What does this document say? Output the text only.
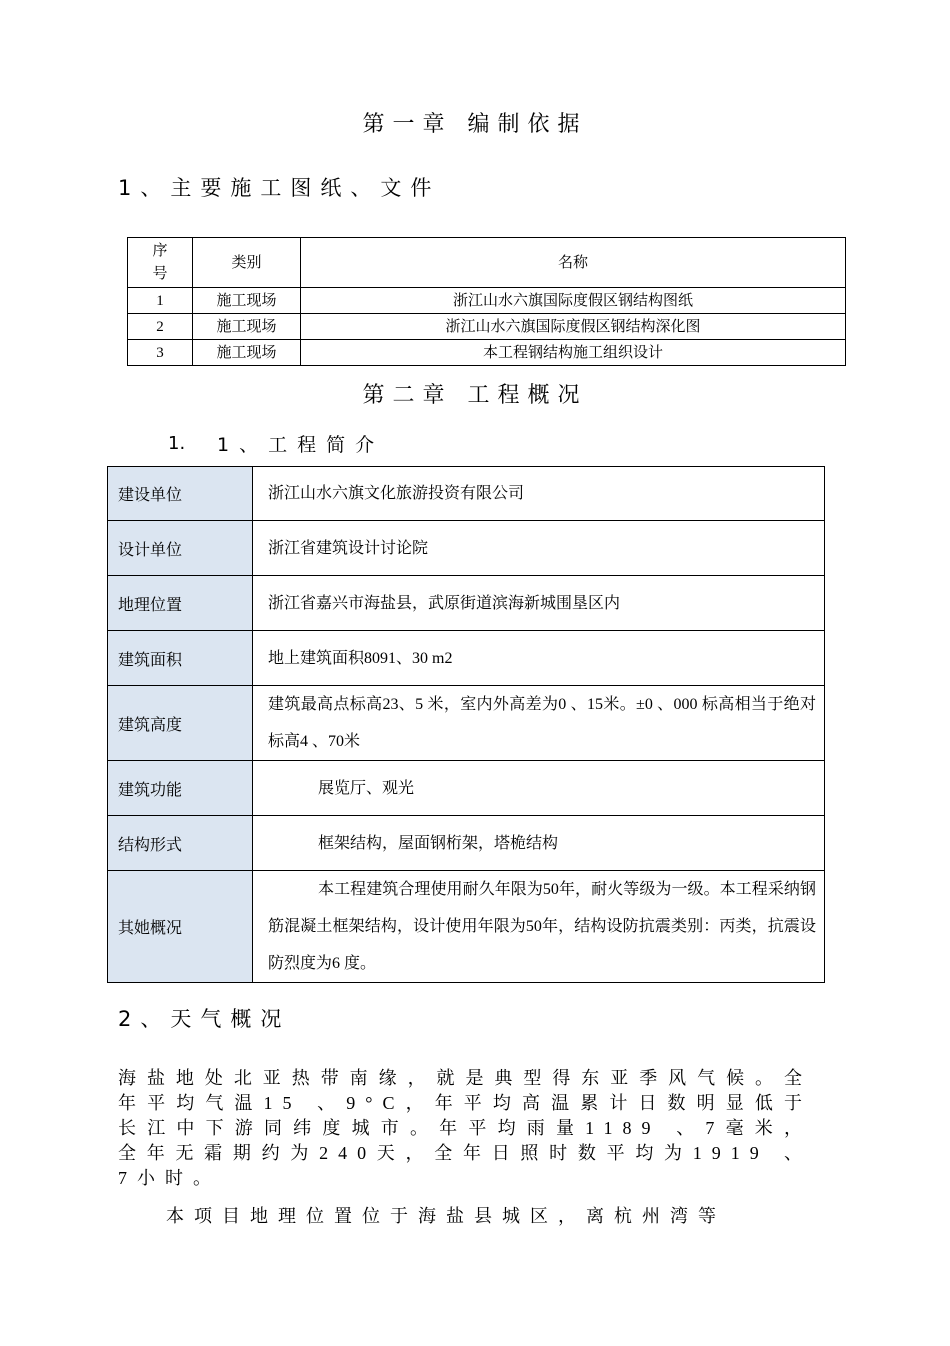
第一章 编制依据
1、主要施工图纸、文件
序号	类别	名称
1	施工现场	浙江山水六旗国际度假区钢结构图纸
2	施工现场	浙江山水六旗国际度假区钢结构深化图
3	施工现场	本工程钢结构施工组织设计
第二章 工程概况
1. 1、工程简介
建设单位	浙江山水六旗文化旅游投资有限公司
设计单位	浙江省建筑设计讨论院
地理位置	浙江省嘉兴市海盐县，武原街道滨海新城围垦区内
建筑面积	地上建筑面积8091、30 m2
建筑高度	建筑最高点标高23、5 米，室内外高差为0 、15米。±0 、000 标高相当于绝对标高4 、70米
建筑功能	展览厅、观光

结构形式	框架结构，屋面钢桁架，塔桅结构

其她概况	本工程建筑合理使用耐久年限为50年，耐火等级为一级。本工程采纳钢筋混凝土框架结构，设计使用年限为50年，结构设防抗震类别：丙类，抗震设防烈度为6 度。
2、天气概况
海盐地处北亚热带南缘，就是典型得东亚季风气候。全年平均气温15 、9°C，年平均高温累计日数明显低于长江中下游同纬度城市。年平均雨量1189 、7毫米，全年无霜期约为240天，全年日照时数平均为1919 、7小时。
本项目地理位置位于海盐县城区，离杭州湾等
